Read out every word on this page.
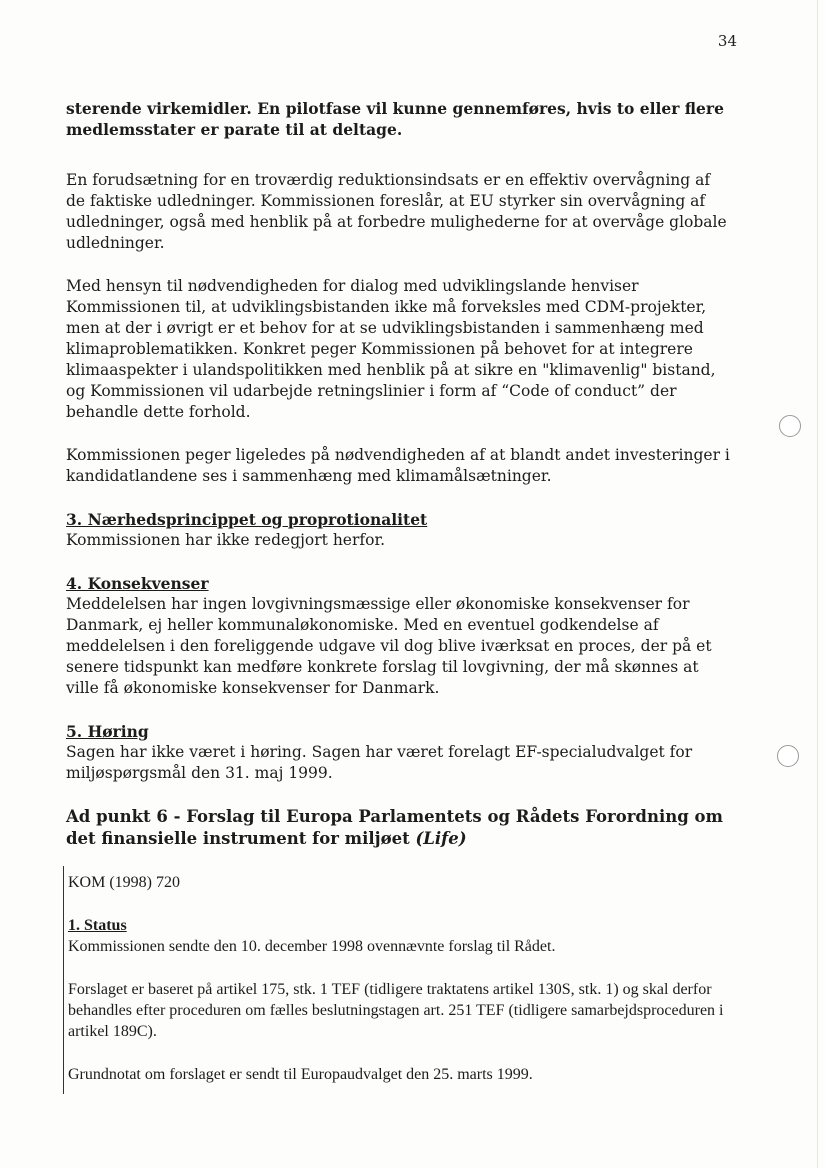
34

sterende virkemidler. En pilotfase vil kunne gennemføres, hvis to eller flere medlemsstater er parate til at deltage.

En forudsætning for en troværdig reduktionsindsats er en effektiv overvågning af de faktiske udledninger. Kommissionen foreslår, at EU styrker sin overvågning af udledninger, også med henblik på at forbedre mulighederne for at overvåge globale udledninger.

Med hensyn til nødvendigheden for dialog med udviklingslande henviser Kommissionen til, at udviklingsbistanden ikke må forveksles med CDM-projekter, men at der i øvrigt er et behov for at se udviklingsbistanden i sammenhæng med klimaproblematikken. Konkret peger Kommissionen på behovet for at integrere klimaaspekter i ulandspolitikken med henblik på at sikre en "klimavenlig" bistand, og Kommissionen vil udarbejde retningslinier i form af “Code of conduct” der behandle dette forhold.

Kommissionen peger ligeledes på nødvendigheden af at blandt andet investeringer i kandidatlandene ses i sammenhæng med klimamålsætninger.

3. Nærhedsprincippet og proprotionalitet
Kommissionen har ikke redegjort herfor.
4. Konsekvenser
Meddelelsen har ingen lovgivningsmæssige eller økonomiske konsekvenser for Danmark, ej heller kommunaløkonomiske. Med en eventuel godkendelse af meddelelsen i den foreliggende udgave vil dog blive iværksat en proces, der på et senere tidspunkt kan medføre konkrete forslag til lovgivning, der må skønnes at ville få økonomiske konsekvenser for Danmark.
5. Høring
Sagen har ikke været i høring. Sagen har været forelagt EF-specialudvalget for miljøspørgsmål den 31. maj 1999.
Ad punkt 6 - Forslag til Europa Parlamentets og Rådets Forordning om det finansielle instrument for miljøet (Life)

KOM (1998) 720

1. Status
Kommissionen sendte den 10. december 1998 ovennævnte forslag til Rådet.

Forslaget er baseret på artikel 175, stk. 1 TEF (tidligere traktatens artikel 130S, stk. 1) og skal derfor behandles efter proceduren om fælles beslutningstagen art. 251 TEF (tidligere samarbejdsproceduren i artikel 189C).

Grundnotat om forslaget er sendt til Europaudvalget den 25. marts 1999.
